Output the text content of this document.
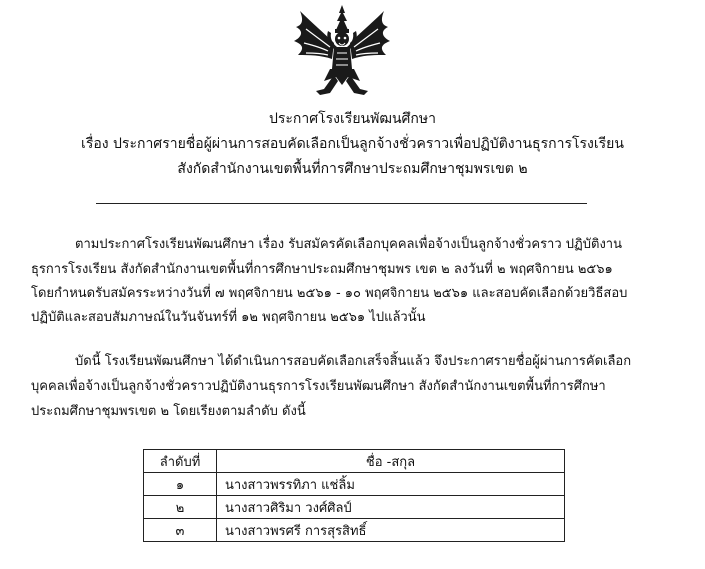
ประกาศโรงเรียนพัฒนศึกษา
เรื่อง ประกาศรายชื่อผู้ผ่านการสอบคัดเลือกเป็นลูกจ้างชั่วคราวเพื่อปฏิบัติงานธุรการโรงเรียน
สังกัดสำนักงานเขตพื้นที่การศึกษาประถมศึกษาชุมพรเขต ๒
ตามประกาศโรงเรียนพัฒนศึกษา เรื่อง รับสมัครคัดเลือกบุคคลเพื่อจ้างเป็นลูกจ้างชั่วคราว ปฏิบัติงาน
ธุรการโรงเรียน สังกัดสำนักงานเขตพื้นที่การศึกษาประถมศึกษาชุมพร เขต ๒ ลงวันที่ ๒ พฤศจิกายน ๒๕๖๑
โดยกำหนดรับสมัครระหว่างวันที่ ๗ พฤศจิกายน ๒๕๖๑ - ๑๐ พฤศจิกายน ๒๕๖๑ และสอบคัดเลือกด้วยวิธีสอบ
ปฏิบัติและสอบสัมภาษณ์ในวันจันทร์ที่ ๑๒ พฤศจิกายน ๒๕๖๑ ไปแล้วนั้น
บัดนี้ โรงเรียนพัฒนศึกษา ได้ดำเนินการสอบคัดเลือกเสร็จสิ้นแล้ว จึงประกาศรายชื่อผู้ผ่านการคัดเลือก
บุคคลเพื่อจ้างเป็นลูกจ้างชั่วคราวปฏิบัติงานธุรการโรงเรียนพัฒนศึกษา สังกัดสำนักงานเขตพื้นที่การศึกษา
ประถมศึกษาชุมพรเขต ๒ โดยเรียงตามลำดับ ดังนี้
ลำดับที่	ชื่อ -สกุล
๑	นางสาวพรรทิภา แช่ลิ้ม
๒	นางสาวศิริมา วงศ์ศิลป์
๓	นางสาวพรศรี การสุรสิทธิ์
